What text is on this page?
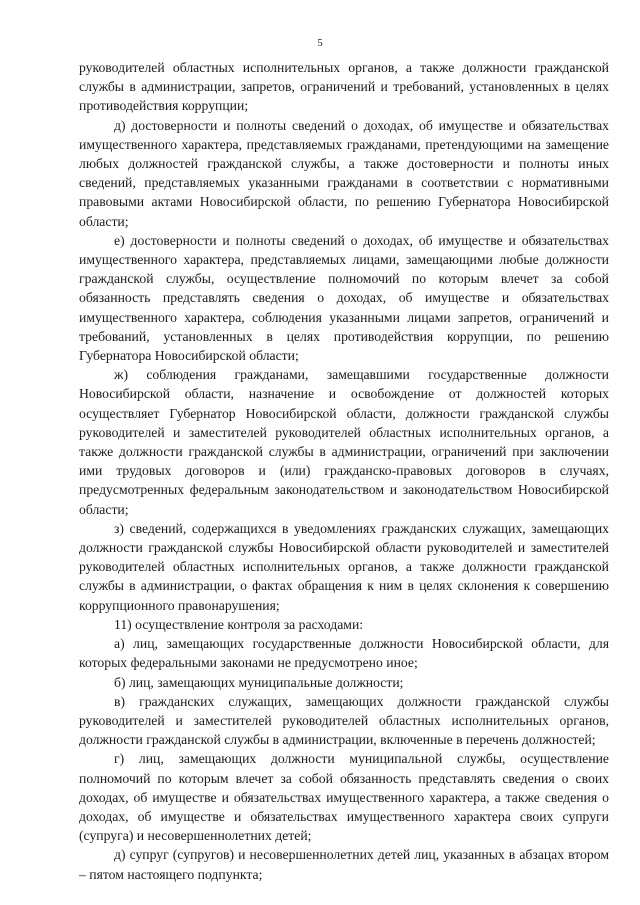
5

руководителей областных исполнительных органов, а также должности гражданской службы в администрации, запретов, ограничений и требований, установленных в целях противодействия коррупции;

д) достоверности и полноты сведений о доходах, об имуществе и обязательствах имущественного характера, представляемых гражданами, претендующими на замещение любых должностей гражданской службы, а также достоверности и полноты иных сведений, представляемых указанными гражданами в соответствии с нормативными правовыми актами Новосибирской области, по решению Губернатора Новосибирской области;

е) достоверности и полноты сведений о доходах, об имуществе и обязательствах имущественного характера, представляемых лицами, замещающими любые должности гражданской службы, осуществление полномочий по которым влечет за собой обязанность представлять сведения о доходах, об имуществе и обязательствах имущественного характера, соблюдения указанными лицами запретов, ограничений и требований, установленных в целях противодействия коррупции, по решению Губернатора Новосибирской области;

ж) соблюдения гражданами, замещавшими государственные должности Новосибирской области, назначение и освобождение от должностей которых осуществляет Губернатор Новосибирской области, должности гражданской службы руководителей и заместителей руководителей областных исполнительных органов, а также должности гражданской службы в администрации, ограничений при заключении ими трудовых договоров и (или) гражданско-правовых договоров в случаях, предусмотренных федеральным законодательством и законодательством Новосибирской области;

з) сведений, содержащихся в уведомлениях гражданских служащих, замещающих должности гражданской службы Новосибирской области руководителей и заместителей руководителей областных исполнительных органов, а также должности гражданской службы в администрации, о фактах обращения к ним в целях склонения к совершению коррупционного правонарушения;

11) осуществление контроля за расходами:

а) лиц, замещающих государственные должности Новосибирской области, для которых федеральными законами не предусмотрено иное;

б) лиц, замещающих муниципальные должности;

в) гражданских служащих, замещающих должности гражданской службы руководителей и заместителей руководителей областных исполнительных органов, должности гражданской службы в администрации, включенные в перечень должностей;

г) лиц, замещающих должности муниципальной службы, осуществление полномочий по которым влечет за собой обязанность представлять сведения о своих доходах, об имуществе и обязательствах имущественного характера, а также сведения о доходах, об имуществе и обязательствах имущественного характера своих супруги (супруга) и несовершеннолетних детей;

д) супруг (супругов) и несовершеннолетних детей лиц, указанных в абзацах втором – пятом настоящего подпункта;
